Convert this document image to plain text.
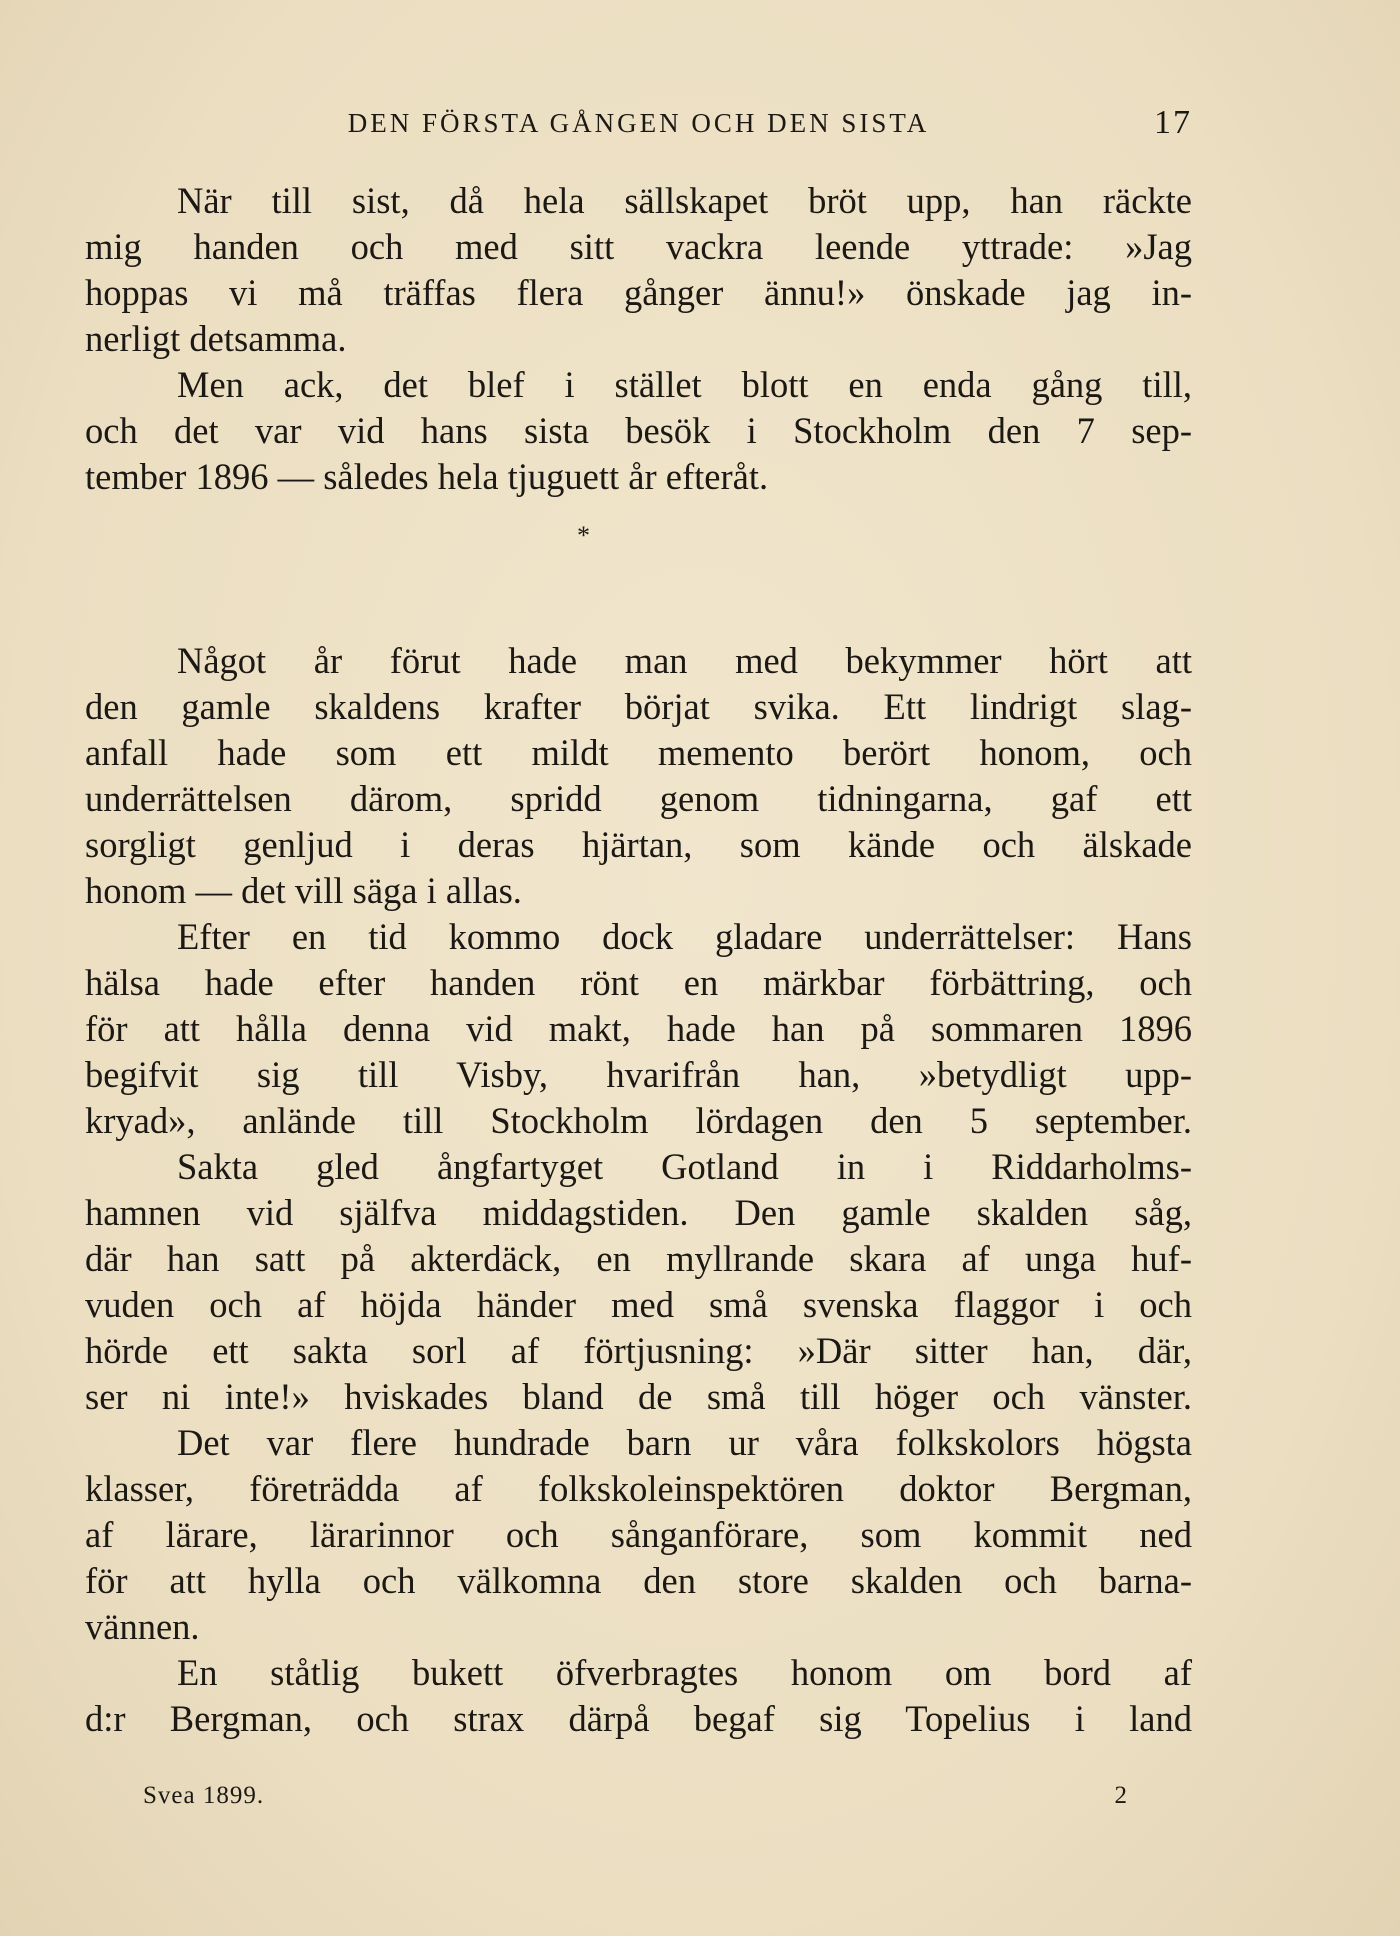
DEN FÖRSTA GÅNGEN OCH DEN SISTA	17
När till sist, då hela sällskapet bröt upp, han räckte
mig handen och med sitt vackra leende yttrade: »Jag
hoppas vi må träffas flera gånger ännu!» önskade jag in-
nerligt detsamma.
Men ack, det blef i stället blott en enda gång till,
och det var vid hans sista besök i Stockholm den 7 sep-
tember 1896 — således hela tjuguett år efteråt.
*
Något år förut hade man med bekymmer hört att
den gamle skaldens krafter börjat svika. Ett lindrigt slag-
anfall hade som ett mildt memento berört honom, och
underrättelsen därom, spridd genom tidningarna, gaf ett
sorgligt genljud i deras hjärtan, som kände och älskade
honom — det vill säga i allas.
Efter en tid kommo dock gladare underrättelser: Hans
hälsa hade efter handen rönt en märkbar förbättring, och
för att hålla denna vid makt, hade han på sommaren 1896
begifvit sig till Visby, hvarifrån han, »betydligt upp-
kryad», anlände till Stockholm lördagen den 5 september.
Sakta gled ångfartyget Gotland in i Riddarholms-
hamnen vid själfva middagstiden. Den gamle skalden såg,
där han satt på akterdäck, en myllrande skara af unga huf-
vuden och af höjda händer med små svenska flaggor i och
hörde ett sakta sorl af förtjusning: »Där sitter han, där,
ser ni inte!» hviskades bland de små till höger och vänster.
Det var flere hundrade barn ur våra folkskolors högsta
klasser, företrädda af folkskoleinspektören doktor Bergman,
af lärare, lärarinnor och sånganförare, som kommit ned
för att hylla och välkomna den store skalden och barna-
vännen.
En ståtlig bukett öfverbragtes honom om bord af
d:r Bergman, och strax därpå begaf sig Topelius i land
Svea 1899.	2
